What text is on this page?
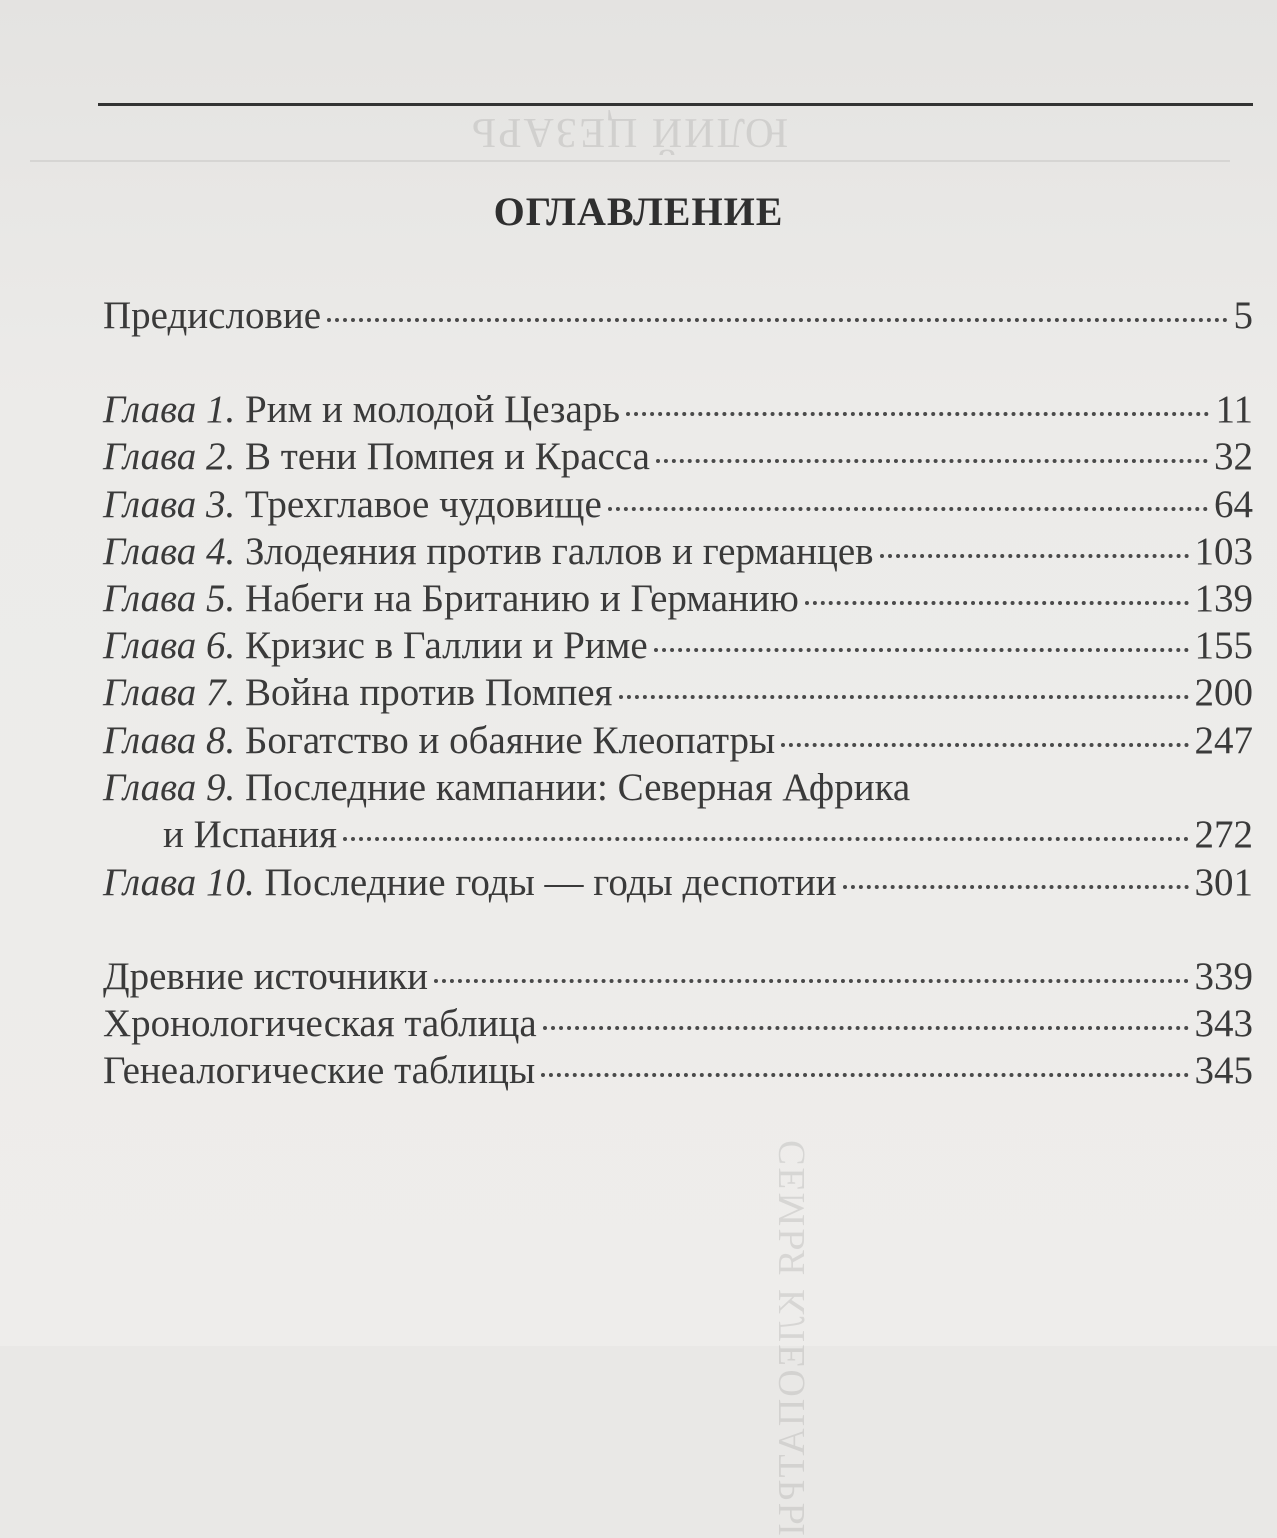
ЮЛИЙ ЦЕЗАРЬ
СЕМЬЯ КЛЕОПАТРЫ
ОГЛАВЛЕНИЕ
Предисловие	5
Глава 1. Рим и молодой Цезарь	11
Глава 2. В тени Помпея и Красса	32
Глава 3. Трехглавое чудовище	64
Глава 4. Злодеяния против галлов и германцев	103
Глава 5. Набеги на Британию и Германию	139
Глава 6. Кризис в Галлии и Риме	155
Глава 7. Война против Помпея	200
Глава 8. Богатство и обаяние Клеопатры	247
Глава 9. Последние кампании: Северная Африка
и Испания	272
Глава 10. Последние годы — годы деспотии	301
Древние источники	339
Хронологическая таблица	343
Генеалогические таблицы	345
